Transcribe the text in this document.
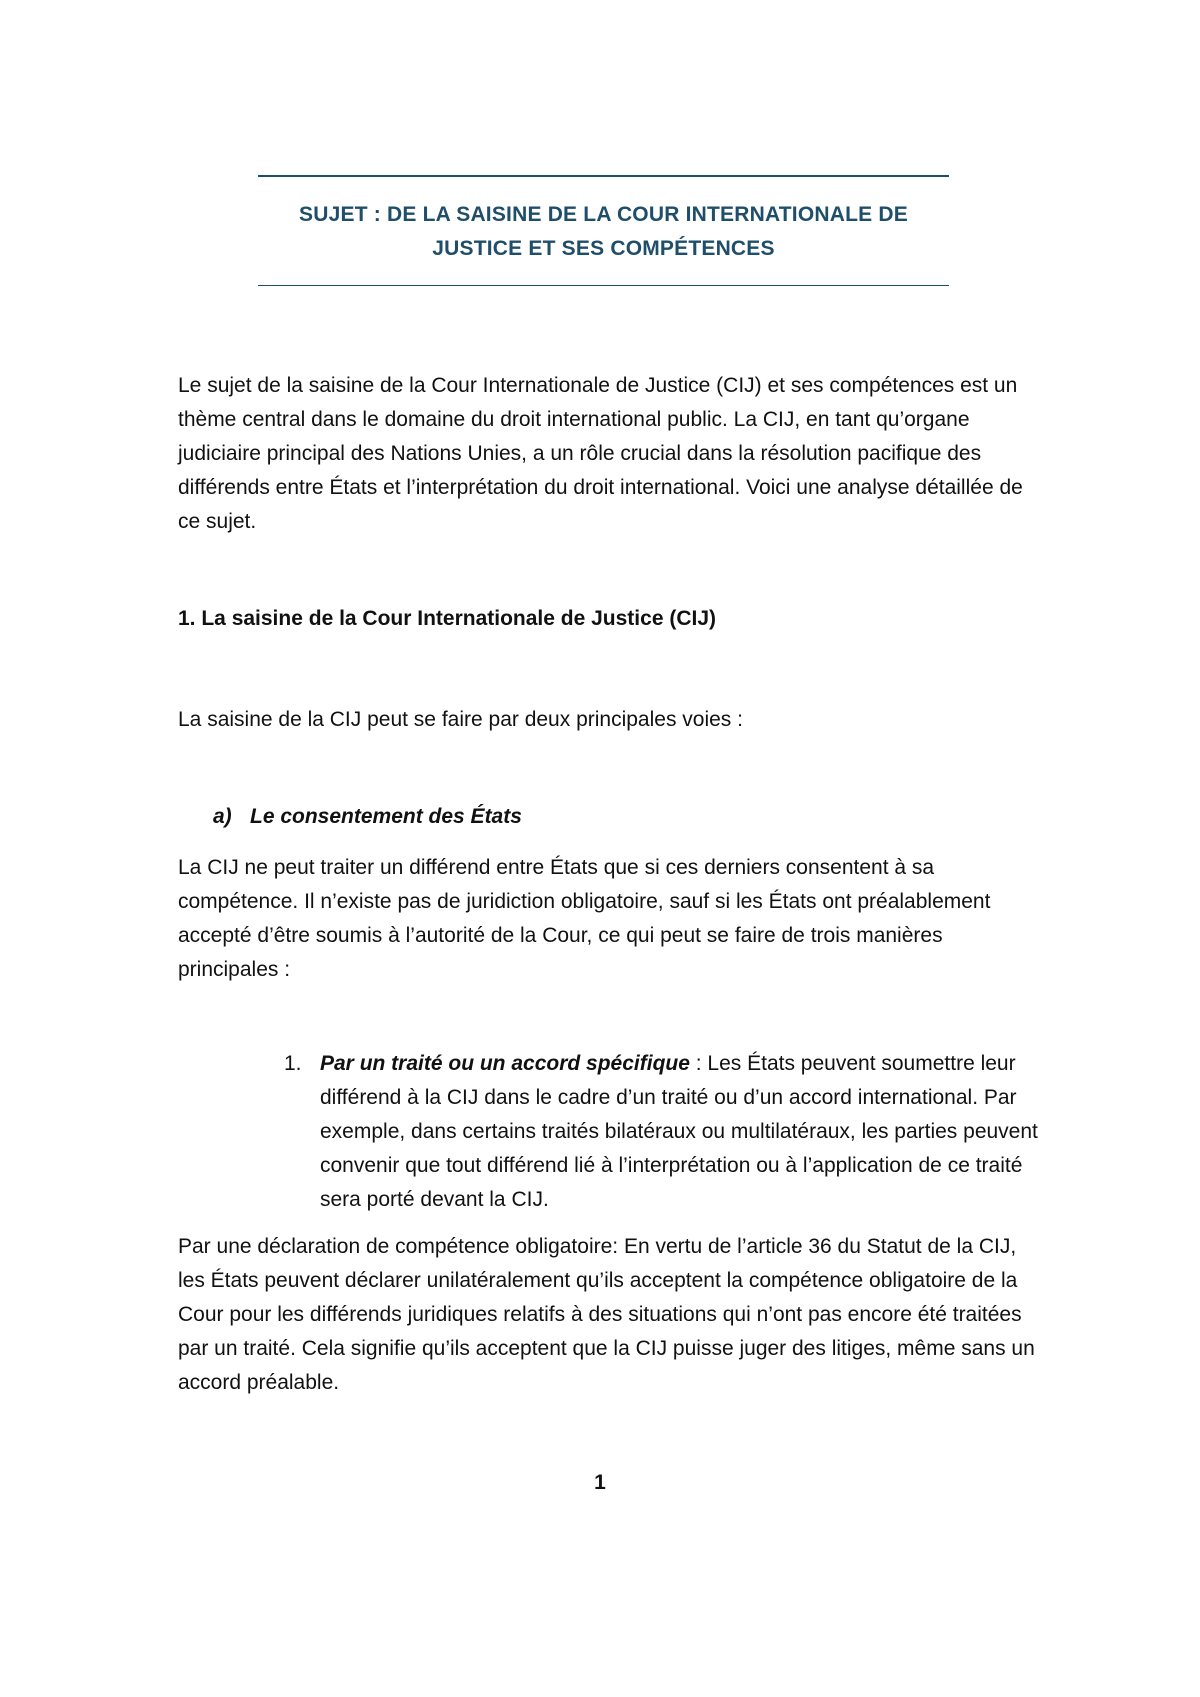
SUJET : DE LA SAISINE DE LA COUR INTERNATIONALE DE
JUSTICE ET SES COMPÉTENCES

Le sujet de la saisine de la Cour Internationale de Justice (CIJ) et ses compétences est un thème central dans le domaine du droit international public. La CIJ, en tant qu’organe judiciaire principal des Nations Unies, a un rôle crucial dans la résolution pacifique des différends entre États et l’interprétation du droit international. Voici une analyse détaillée de ce sujet.

1. La saisine de la Cour Internationale de Justice (CIJ)

La saisine de la CIJ peut se faire par deux principales voies :

a) Le consentement des États

La CIJ ne peut traiter un différend entre États que si ces derniers consentent à sa compétence. Il n’existe pas de juridiction obligatoire, sauf si les États ont préalablement accepté d’être soumis à l’autorité de la Cour, ce qui peut se faire de trois manières principales :

1. Par un traité ou un accord spécifique : Les États peuvent soumettre leur différend à la CIJ dans le cadre d’un traité ou d’un accord international. Par exemple, dans certains traités bilatéraux ou multilatéraux, les parties peuvent convenir que tout différend lié à l’interprétation ou à l’application de ce traité sera porté devant la CIJ.

Par une déclaration de compétence obligatoire: En vertu de l’article 36 du Statut de la CIJ, les États peuvent déclarer unilatéralement qu’ils acceptent la compétence obligatoire de la Cour pour les différends juridiques relatifs à des situations qui n’ont pas encore été traitées par un traité. Cela signifie qu’ils acceptent que la CIJ puisse juger des litiges, même sans un accord préalable.

1
